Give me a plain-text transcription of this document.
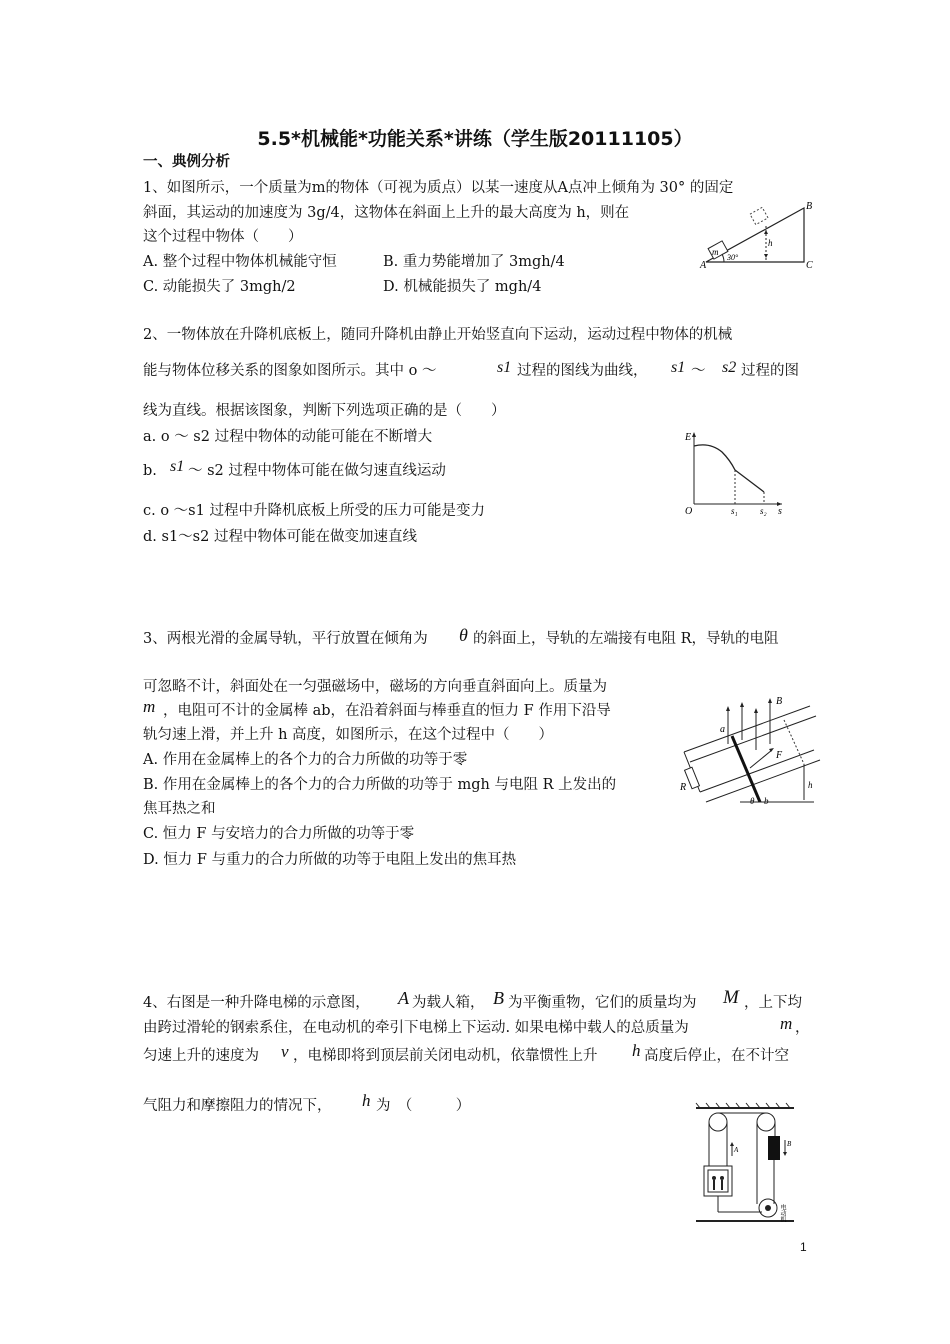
5.5*机械能*功能关系*讲练（学生版20111105）
一、典例分析
1、如图所示，一个质量为m的物体（可视为质点）以某一速度从A点冲上倾角为 30° 的固定
斜面，其运动的加速度为 3g/4，这物体在斜面上上升的最大高度为 h，则在
这个过程中物体（　　）
A. 整个过程中物体机械能守恒	B. 重力势能增加了 3mgh/4
C. 动能损失了 3mgh/2	D. 机械能损失了 mgh/4
B
h
m
A
30°
C
2、一物体放在升降机底板上，随同升降机由静止开始竖直向下运动，运动过程中物体的机械
能与物体位移关系的图象如图所示。其中 o ～	s1 过程的图线为曲线， s1 ～ s2 过程的图
线为直线。根据该图象，判断下列选项正确的是（　　）
a. o ～ s2 过程中物体的动能可能在不断增大
b. s1 ～ s2 过程中物体可能在做匀速直线运动
c. o ～s1 过程中升降机底板上所受的压力可能是变力
d. s1～s2 过程中物体可能在做变加速直线
E
O	s₁ s₂ s
3、两根光滑的金属导轨，平行放置在倾角为 θ 的斜面上，导轨的左端接有电阻 R，导轨的电阻
可忽略不计，斜面处在一匀强磁场中，磁场的方向垂直斜面向上。质量为
m ，电阻可不计的金属棒 ab，在沿着斜面与棒垂直的恒力 F 作用下沿导
轨匀速上滑，并上升 h 高度，如图所示，在这个过程中（　　）
A. 作用在金属棒上的各个力的合力所做的功等于零
B. 作用在金属棒上的各个力的合力所做的功等于 mgh 与电阻 R 上发出的
焦耳热之和
C. 恒力 F 与安培力的合力所做的功等于零
D. 恒力 F 与重力的合力所做的功等于电阻上发出的焦耳热
a
B
F
R
b
θ
h
4、右图是一种升降电梯的示意图， A 为载人箱， B 为平衡重物，它们的质量均为 M ，上下均
由跨过滑轮的钢索系住，在电动机的牵引下电梯上下运动. 如果电梯中载人的总质量为	m ，
匀速上升的速度为 v ，电梯即将到顶层前关闭电动机，依靠惯性上升 h 高度后停止，在不计空
气阻力和摩擦阻力的情况下， h 为　（　　　）
A
B
电动机
1
